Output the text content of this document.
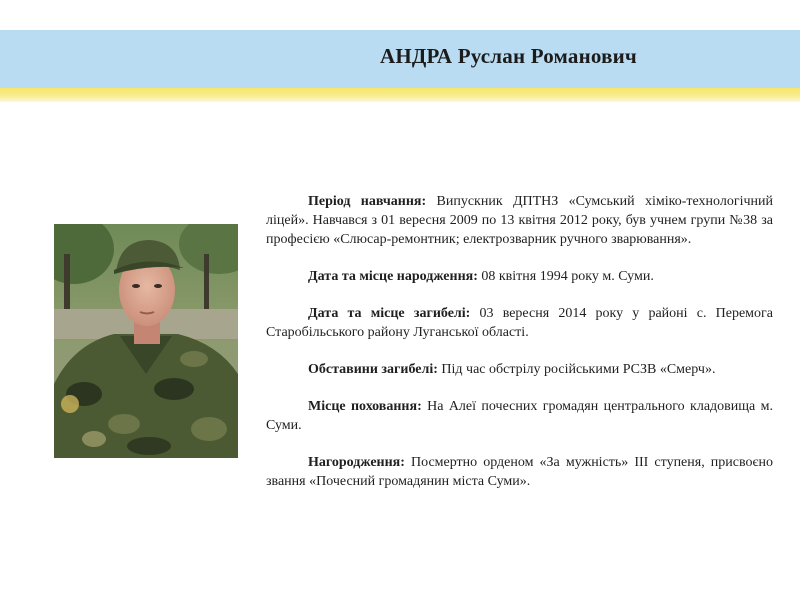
АНДРА Руслан Романович

Період навчання: Випускник ДПТНЗ «Сумський хіміко-технологічний ліцей». Навчався з 01 вересня 2009 по 13 квітня 2012 року, був учнем групи №38 за професією «Слюсар-ремонтник; електрозварник ручного зварювання».

Дата та місце народження: 08 квітня 1994 року м. Суми.

Дата та місце загибелі: 03 вересня 2014 року у районі с. Перемога Старобільського району Луганської області.

Обставини загибелі: Під час обстрілу російськими РСЗВ «Смерч».

Місце поховання: На Алеї почесних громадян центрального кладовища м. Суми.

Нагородження: Посмертно орденом «За мужність» ІІІ ступеня, присвоєно звання «Почесний громадянин міста Суми».
